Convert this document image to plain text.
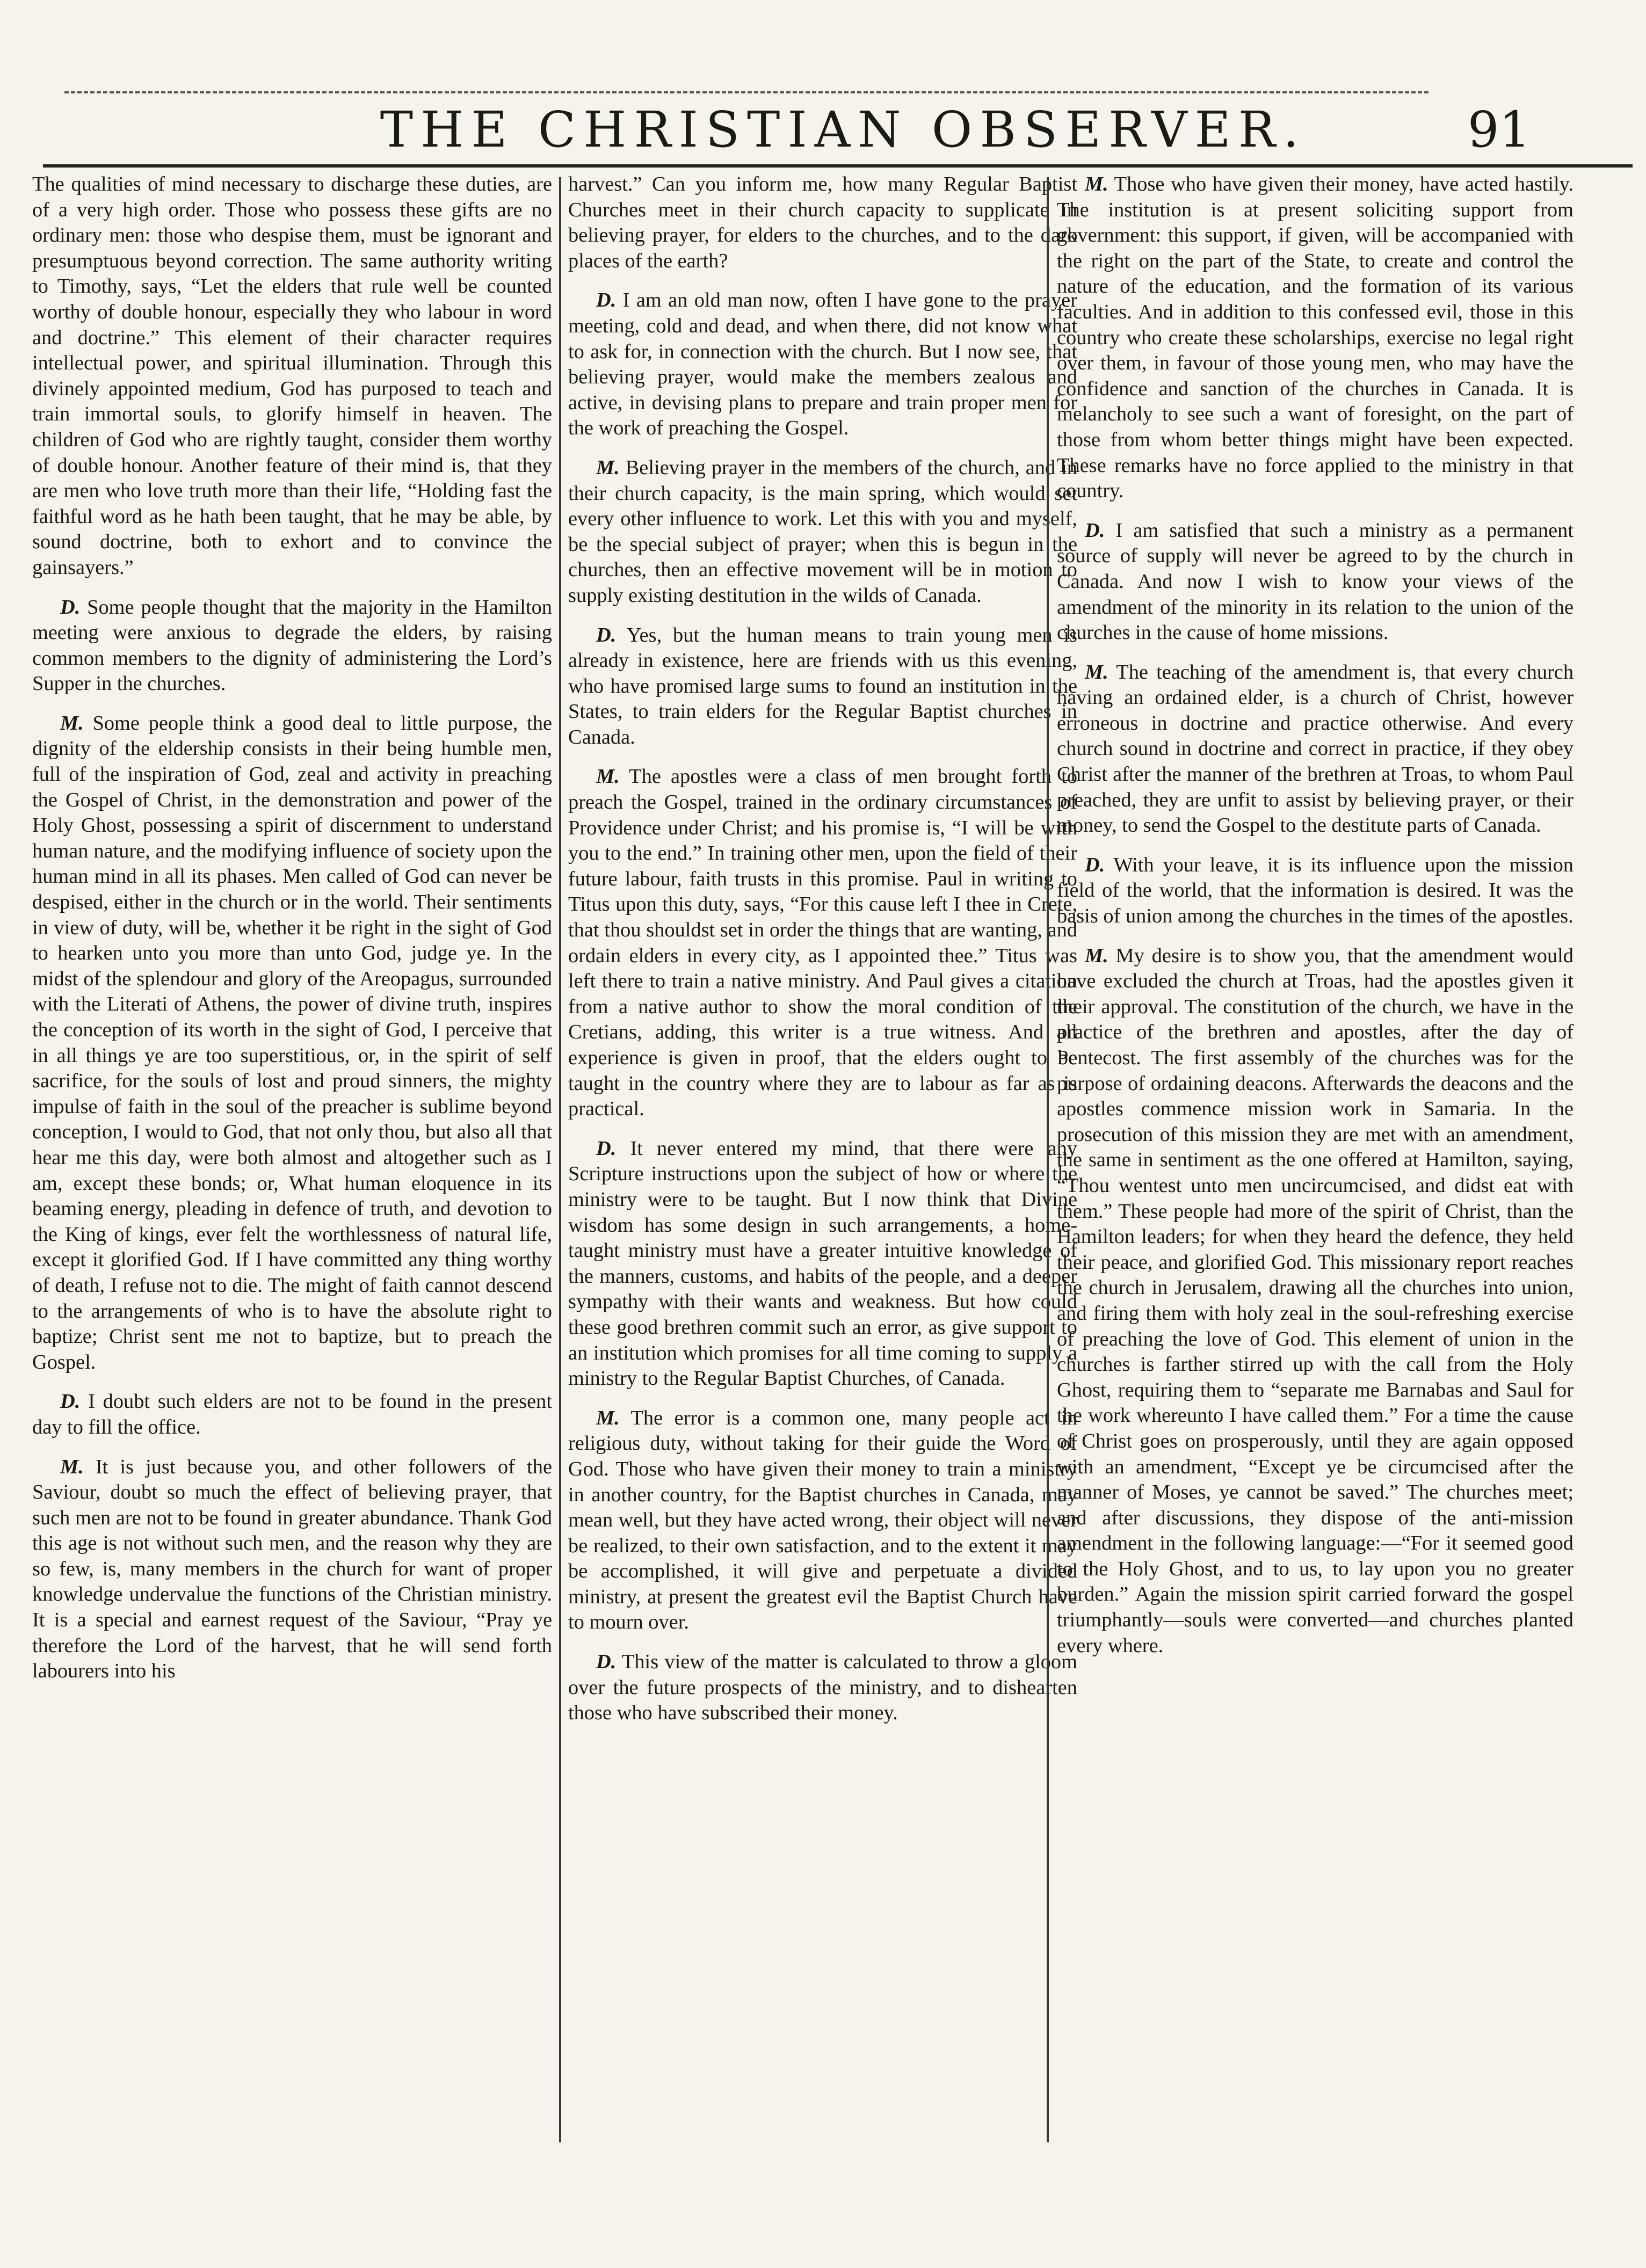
THE CHRISTIAN OBSERVER.	91

The qualities of mind necessary to discharge these duties, are of a very high order. Those who possess these gifts are no ordinary men: those who despise them, must be ignorant and presumptuous beyond correction. The same authority writing to Timothy, says, “Let the elders that rule well be counted worthy of double honour, especially they who labour in word and doctrine.” This element of their character requires intellectual power, and spiritual illumination. Through this divinely appointed medium, God has purposed to teach and train immortal souls, to glorify himself in heaven. The children of God who are rightly taught, consider them worthy of double honour. Another feature of their mind is, that they are men who love truth more than their life, “Holding fast the faithful word as he hath been taught, that he may be able, by sound doctrine, both to exhort and to convince the gainsayers.”

D. Some people thought that the majority in the Hamilton meeting were anxious to degrade the elders, by raising common members to the dignity of administering the Lord’s Supper in the churches.

M. Some people think a good deal to little purpose, the dignity of the eldership consists in their being humble men, full of the inspiration of God, zeal and activity in preaching the Gospel of Christ, in the demonstration and power of the Holy Ghost, possessing a spirit of discernment to understand human nature, and the modifying influence of society upon the human mind in all its phases. Men called of God can never be despised, either in the church or in the world. Their sentiments in view of duty, will be, whether it be right in the sight of God to hearken unto you more than unto God, judge ye. In the midst of the splendour and glory of the Areopagus, surrounded with the Literati of Athens, the power of divine truth, inspires the conception of its worth in the sight of God, I perceive that in all things ye are too superstitious, or, in the spirit of self sacrifice, for the souls of lost and proud sinners, the mighty impulse of faith in the soul of the preacher is sublime beyond conception, I would to God, that not only thou, but also all that hear me this day, were both almost and altogether such as I am, except these bonds; or, What human eloquence in its beaming energy, pleading in defence of truth, and devotion to the King of kings, ever felt the worthlessness of natural life, except it glorified God. If I have committed any thing worthy of death, I refuse not to die. The might of faith cannot descend to the arrangements of who is to have the absolute right to baptize; Christ sent me not to baptize, but to preach the Gospel.

D. I doubt such elders are not to be found in the present day to fill the office.

M. It is just because you, and other followers of the Saviour, doubt so much the effect of believing prayer, that such men are not to be found in greater abundance. Thank God this age is not without such men, and the reason why they are so few, is, many members in the church for want of proper knowledge undervalue the functions of the Christian ministry. It is a special and earnest request of the Saviour, “Pray ye therefore the Lord of the harvest, that he will send forth labourers into his

harvest.” Can you inform me, how many Regular Baptist Churches meet in their church capacity to supplicate in believing prayer, for elders to the churches, and to the dark places of the earth?

D. I am an old man now, often I have gone to the prayer meeting, cold and dead, and when there, did not know what to ask for, in connection with the church. But I now see, that believing prayer, would make the members zealous and active, in devising plans to prepare and train proper men for the work of preaching the Gospel.

M. Believing prayer in the members of the church, and in their church capacity, is the main spring, which would set every other influence to work. Let this with you and myself, be the special subject of prayer; when this is begun in the churches, then an effective movement will be in motion to supply existing destitution in the wilds of Canada.

D. Yes, but the human means to train young men is already in existence, here are friends with us this evening, who have promised large sums to found an institution in the States, to train elders for the Regular Baptist churches in Canada.

M. The apostles were a class of men brought forth to preach the Gospel, trained in the ordinary circumstances of Providence under Christ; and his promise is, “I will be with you to the end.” In training other men, upon the field of their future labour, faith trusts in this promise. Paul in writing to Titus upon this duty, says, “For this cause left I thee in Crete, that thou shouldst set in order the things that are wanting, and ordain elders in every city, as I appointed thee.” Titus was left there to train a native ministry. And Paul gives a citation from a native author to show the moral condition of the Cretians, adding, this writer is a true witness. And all experience is given in proof, that the elders ought to be taught in the country where they are to labour as far as is practical.

D. It never entered my mind, that there were any Scripture instructions upon the subject of how or where the ministry were to be taught. But I now think that Divine wisdom has some design in such arrangements, a home-taught ministry must have a greater intuitive knowledge of the manners, customs, and habits of the people, and a deeper sympathy with their wants and weakness. But how could these good brethren commit such an error, as give support to an institution which promises for all time coming to supply a ministry to the Regular Baptist Churches, of Canada.

M. The error is a common one, many people act in religious duty, without taking for their guide the Word of God. Those who have given their money to train a ministry in another country, for the Baptist churches in Canada, may mean well, but they have acted wrong, their object will never be realized, to their own satisfaction, and to the extent it may be accomplished, it will give and perpetuate a divided ministry, at present the greatest evil the Baptist Church have to mourn over.

D. This view of the matter is calculated to throw a gloom over the future prospects of the ministry, and to dishearten those who have subscribed their money.

M. Those who have given their money, have acted hastily. The institution is at present soliciting support from government: this support, if given, will be accompanied with the right on the part of the State, to create and control the nature of the education, and the formation of its various faculties. And in addition to this confessed evil, those in this country who create these scholarships, exercise no legal right over them, in favour of those young men, who may have the confidence and sanction of the churches in Canada. It is melancholy to see such a want of foresight, on the part of those from whom better things might have been expected. These remarks have no force applied to the ministry in that country.

D. I am satisfied that such a ministry as a permanent source of supply will never be agreed to by the church in Canada. And now I wish to know your views of the amendment of the minority in its relation to the union of the churches in the cause of home missions.

M. The teaching of the amendment is, that every church having an ordained elder, is a church of Christ, however erroneous in doctrine and practice otherwise. And every church sound in doctrine and correct in practice, if they obey Christ after the manner of the brethren at Troas, to whom Paul preached, they are unfit to assist by believing prayer, or their money, to send the Gospel to the destitute parts of Canada.

D. With your leave, it is its influence upon the mission field of the world, that the information is desired. It was the basis of union among the churches in the times of the apostles.

M. My desire is to show you, that the amendment would have excluded the church at Troas, had the apostles given it their approval. The constitution of the church, we have in the practice of the brethren and apostles, after the day of Pentecost. The first assembly of the churches was for the purpose of ordaining deacons. Afterwards the deacons and the apostles commence mission work in Samaria. In the prosecution of this mission they are met with an amendment, the same in sentiment as the one offered at Hamilton, saying, “Thou wentest unto men uncircumcised, and didst eat with them.” These people had more of the spirit of Christ, than the Hamilton leaders; for when they heard the defence, they held their peace, and glorified God. This missionary report reaches the church in Jerusalem, drawing all the churches into union, and firing them with holy zeal in the soul-refreshing exercise of preaching the love of God. This element of union in the churches is farther stirred up with the call from the Holy Ghost, requiring them to “separate me Barnabas and Saul for the work whereunto I have called them.” For a time the cause of Christ goes on prosperously, until they are again opposed with an amendment, “Except ye be circumcised after the manner of Moses, ye cannot be saved.” The churches meet; and after discussions, they dispose of the anti-mission amendment in the following language:—“For it seemed good to the Holy Ghost, and to us, to lay upon you no greater burden.” Again the mission spirit carried forward the gospel triumphantly—souls were converted—and churches planted every where.
